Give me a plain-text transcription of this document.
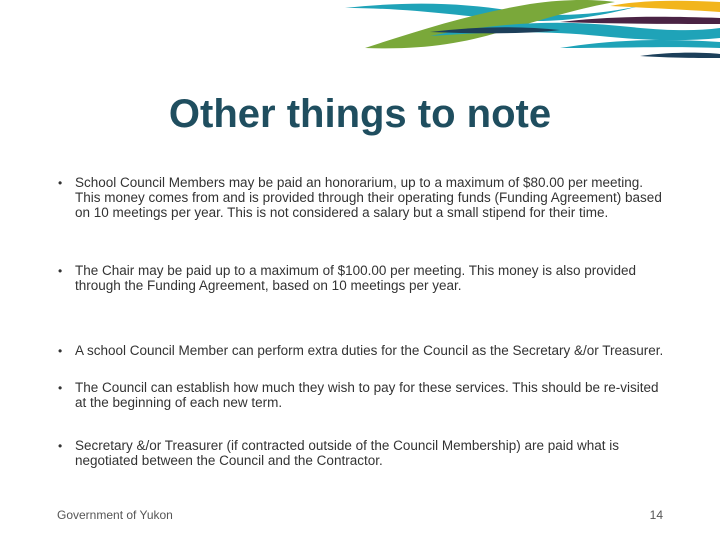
Other things to note
• School Council Members may be paid an honorarium, up to a maximum of $80.00 per meeting. This money comes from and is provided through their operating funds (Funding Agreement) based on 10 meetings per year. This is not considered a salary but a small stipend for their time.
• The Chair may be paid up to a maximum of $100.00 per meeting. This money is also provided through the Funding Agreement, based on 10 meetings per year.
• A school Council Member can perform extra duties for the Council as the Secretary &/or Treasurer.
• The Council can establish how much they wish to pay for these services. This should be re-visited at the beginning of each new term.
• Secretary &/or Treasurer (if contracted outside of the Council Membership) are paid what is negotiated between the Council and the Contractor.
Government of Yukon	14
